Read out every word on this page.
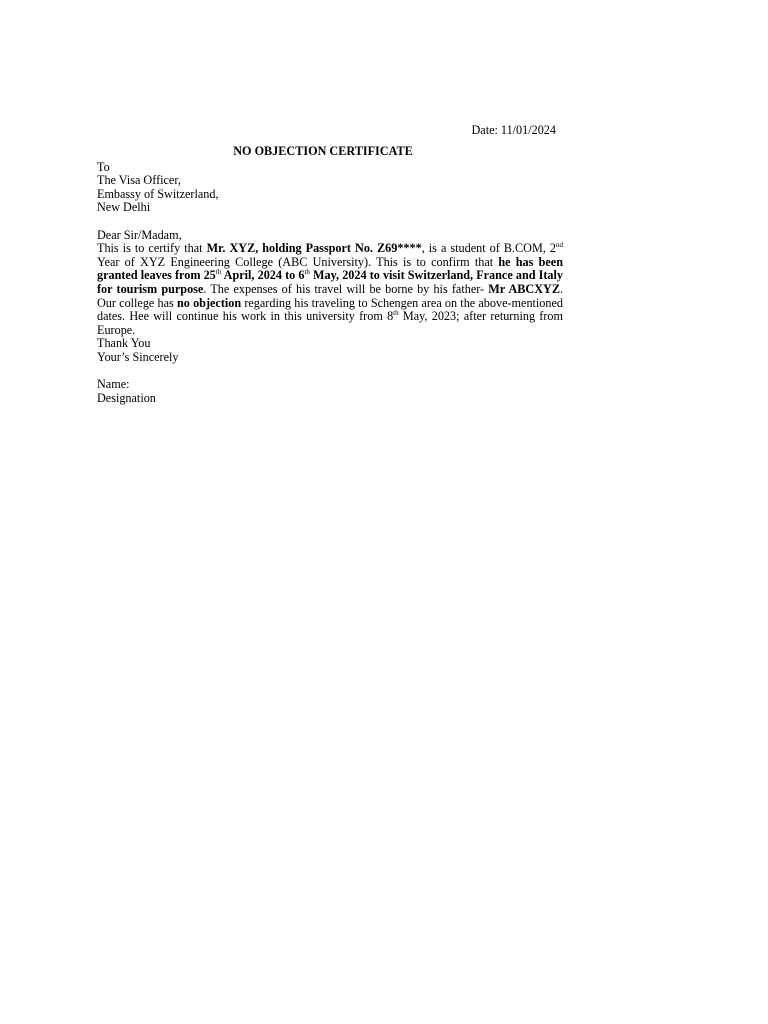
Date: 11/01/2024

NO OBJECTION CERTIFICATE

To

The Visa Officer,

Embassy of Switzerland,

New Delhi

Dear Sir/Madam,

This is to certify that Mr. XYZ, holding Passport No. Z69****, is a student of B.COM, 2nd Year of XYZ Engineering College (ABC University). This is to confirm that he has been granted leaves from 25th April, 2024 to 6th May, 2024 to visit Switzerland, France and Italy for tourism purpose. The expenses of his travel will be borne by his father- Mr ABCXYZ. Our college has no objection regarding his traveling to Schengen area on the above-mentioned dates. Hee will continue his work in this university from 8th May, 2023; after returning from Europe.

Thank You

Your’s Sincerely

Name:

Designation
